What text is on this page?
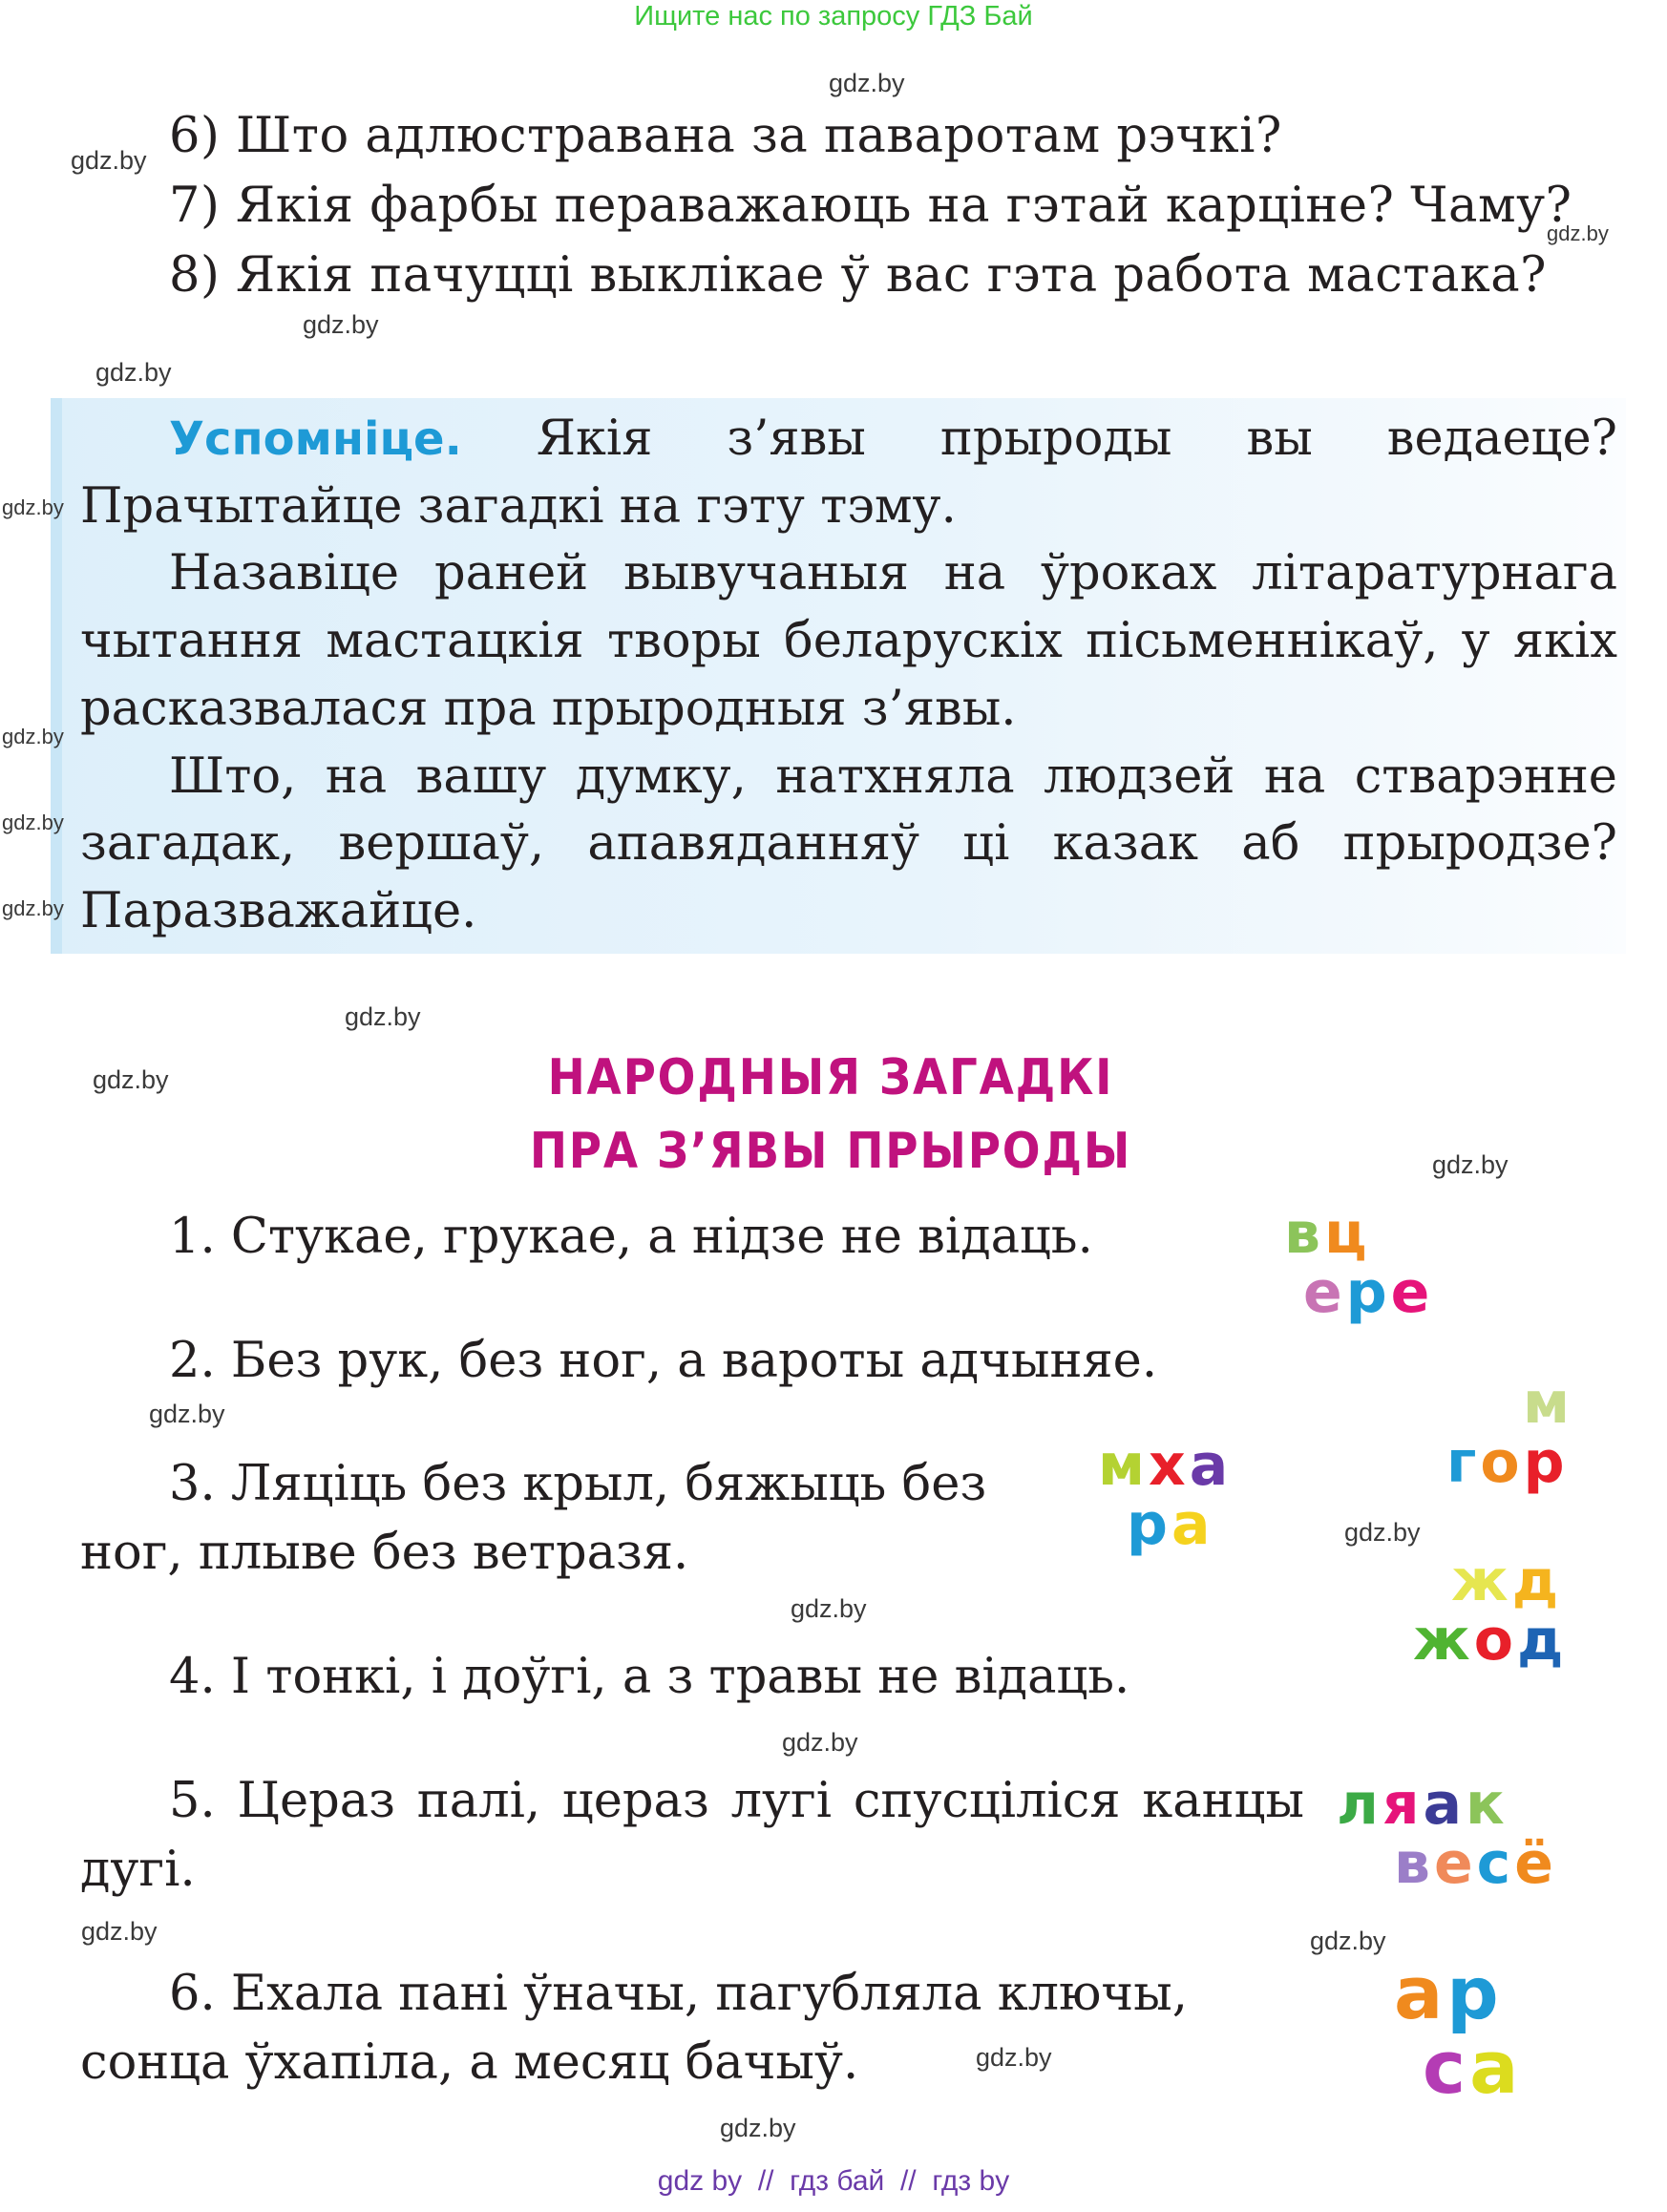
Ищите нас по запросу ГДЗ Бай
6) Што адлюстравана за паваротам рэчкі?
7) Якія фарбы пераважаюць на гэтай карціне? Чаму?
8) Якія пачуцці выклікае ў вас гэта работа мастака?

Успомніце. Якія з’явы прыроды вы ведаеце? Прачытайце загадкі на гэту тэму.

Назавіце раней вывучаныя на ўроках літаратурнага чытання мастацкія творы беларускіх пісьменнікаў, у якіх расказвалася пра прыродныя з’явы.

Што, на вашу думку, натхняла людзей на стварэнне загадак, вершаў, апавяданняў ці казак аб прыродзе? Паразважайце.

НАРОДНЫЯ ЗАГАДКІ
ПРА З’ЯВЫ ПРЫРОДЫ

1. Стукае, грукае, а нідзе не відаць.

2. Без рук, без ног, а вароты адчыняе.

3. Ляціць без крыл, бяжыць без ног, плыве без ветразя.

4. І тонкі, і доўгі, а з травы не відаць.

5. Цераз палі, цераз лугі спусціліся канцы дугі.

6. Ехала пані ўначы, пагубляла ключы, сонца ўхапіла, а месяц бачыў.

в ц
е р е
м
г о р
м х а
р а
ж д
ж о д
л я а к
в е с ё
а р
с а
gdz.by
gdz.by
gdz.by
gdz.by
gdz.by
gdz.by
gdz.by
gdz.by
gdz.by
gdz.by
gdz.by
gdz.by
gdz.by
gdz.by
gdz.by
gdz.by
gdz.by	gdz.by
gdz.by
gdz.by
gdz by  //  гдз бай  //  гдз by
